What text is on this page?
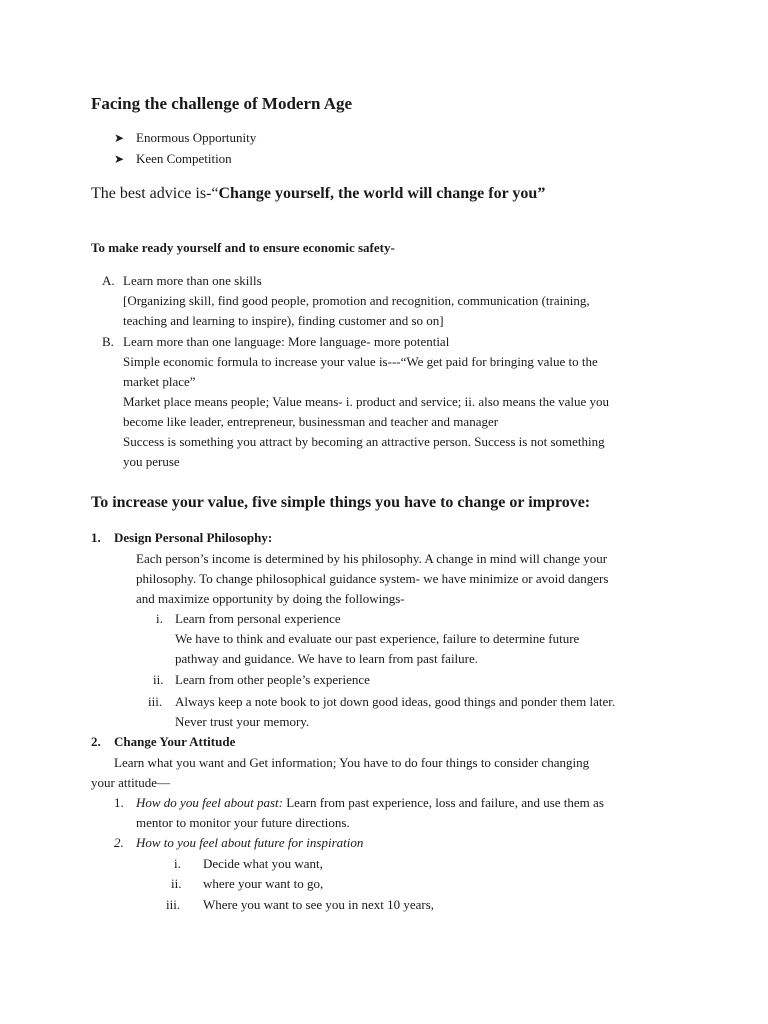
Facing the challenge of Modern Age
➤ Enormous Opportunity
➤ Keen Competition
The best advice is-“Change yourself, the world will change for you”
To make ready yourself and to ensure economic safety-
A. Learn more than one skills
[Organizing skill, find good people, promotion and recognition, communication (training,
teaching and learning to inspire), finding customer and so on]
B. Learn more than one language: More language- more potential
Simple economic formula to increase your value is---“We get paid for bringing value to the
market place”
Market place means people; Value means- i. product and service; ii. also means the value you
become like leader, entrepreneur, businessman and teacher and manager
Success is something you attract by becoming an attractive person. Success is not something
you peruse
To increase your value, five simple things you have to change or improve:
1. Design Personal Philosophy:
Each person’s income is determined by his philosophy. A change in mind will change your
philosophy. To change philosophical guidance system- we have minimize or avoid dangers
and maximize opportunity by doing the followings-
i. Learn from personal experience
We have to think and evaluate our past experience, failure to determine future
pathway and guidance. We have to learn from past failure.
ii. Learn from other people’s experience
iii. Always keep a note book to jot down good ideas, good things and ponder them later.
Never trust your memory.
2. Change Your Attitude
Learn what you want and Get information; You have to do four things to consider changing
your attitude—
1. How do you feel about past: Learn from past experience, loss and failure, and use them as
mentor to monitor your future directions.
2. How to you feel about future for inspiration
i. Decide what you want,
ii. where your want to go,
iii. Where you want to see you in next 10 years,
